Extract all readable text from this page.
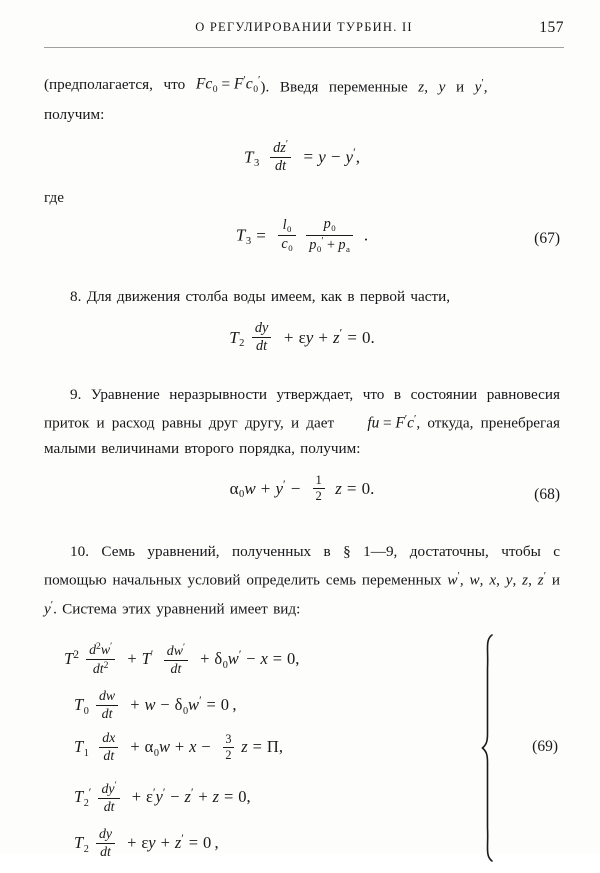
О РЕГУЛИРОВАНИИ ТУРБИН. II	157

(предполагается,  что  $Fc_0 = F'c_0'$).  Введя  переменные  z,  y  и  y′,

получим:

$T_3 \frac{dz'}{dt} = y - y'$,

где

$T_3 = \frac{l_0}{c_0}$
$\frac{p_0}{p_0' + p_a}$  .	(67)

8. Для движения столба воды имеем, как в первой части,

$T_2 \frac{dy}{dt} + \varepsilon y + z' = 0$.

9. Уравнение неразрывности утверждает, что в состоянии равновесия приток и расход равны друг другу, и дает fu = F′c′, откуда, пренебрегая малыми величинами второго порядка, получим:

$\alpha_0w + y' - \frac{1}{2}$
  z = 0.	(68)

10. Семь уравнений, полученных в § 1—9, достаточны, чтобы с помощью начальных условий определить семь переменных w′, w, x, y, z, z′ и y′. Система этих уравнений имеет вид:

$T^2 \frac{d^2w'}{dt^2} + T' \frac{dw'}{dt} + \delta_0w' - x = 0$,
$T_0 \frac{dw}{dt} + w - \delta_0w' = 0$ ,
$T_1 \frac{dx}{dt} + \alpha_0w + x - \frac{3}{2}$ z = П,
$T_2' \frac{dy'}{dt} + \varepsilon'y' - z' + z = 0$,
$T_2 \frac{dy}{dt} + \varepsilon y + z' = 0$ ,
(69)
